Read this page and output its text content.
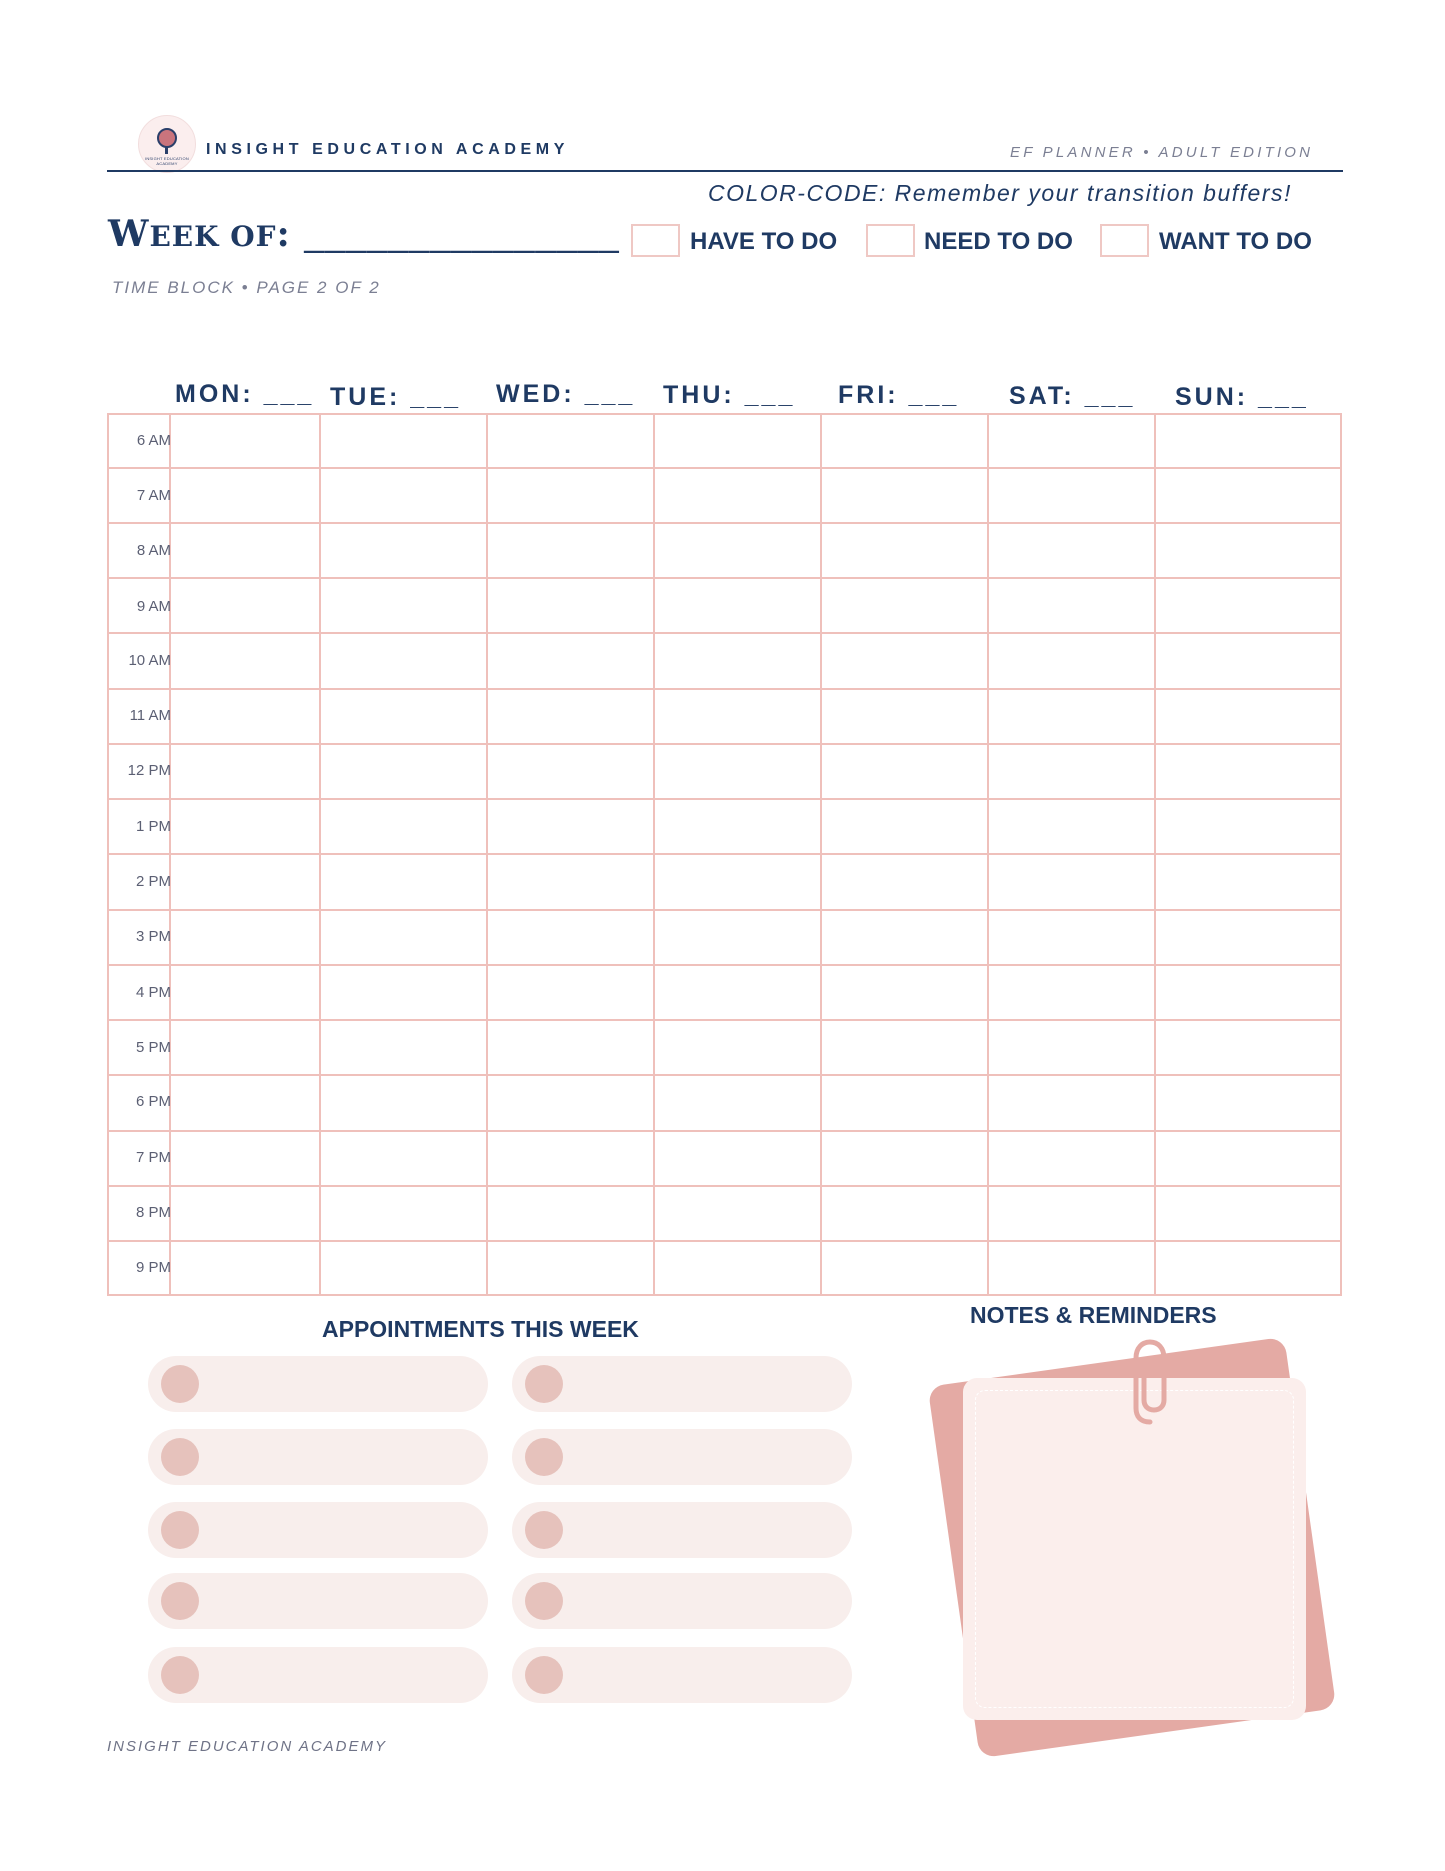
INSIGHT EDUCATION ACADEMY
INSIGHT EDUCATION ACADEMY	EF PLANNER • ADULT EDITION
COLOR-CODE: Remember your transition buffers!
WEEK OF: _______________	HAVE TO DO	NEED TO DO	WANT TO DO
TIME BLOCK • PAGE 2 OF 2
MON: ___ TUE: ___ WED: ___ THU: ___ FRI: ___ SAT: ___ SUN: ___
6 AM
7 AM
8 AM
9 AM
10 AM
11 AM
12 PM
1 PM
2 PM
3 PM
4 PM
5 PM
6 PM
7 PM
8 PM
9 PM
APPOINTMENTS THIS WEEK
NOTES & REMINDERS
INSIGHT EDUCATION ACADEMY
